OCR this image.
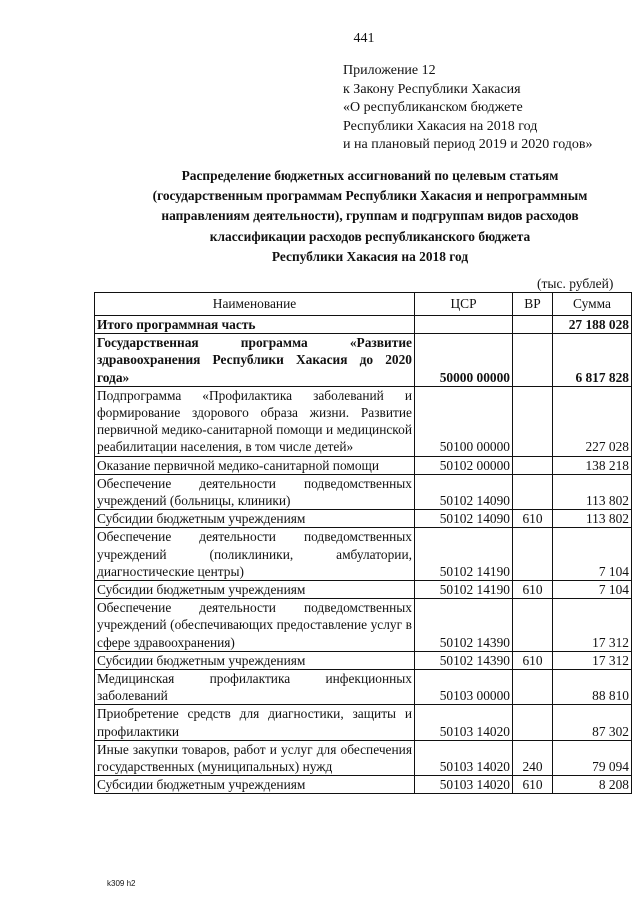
441
Приложение 12
к Закону Республики Хакасия
«О республиканском бюджете
Республики Хакасия на 2018 год
и на плановый период 2019 и 2020 годов»
Распределение бюджетных ассигнований по целевым статьям
(государственным программам Республики Хакасия и непрограммным
направлениям деятельности), группам и подгруппам видов расходов
классификации расходов республиканского бюджета
Республики Хакасия на 2018 год
(тыс. рублей)
Наименование	ЦСР	ВР	Сумма
Итого программная часть			27 188 028
Государственная программа «Развитие здравоохранения Республики Хакасия до 2020 года»	50000 00000		6 817 828
Подпрограмма «Профилактика заболеваний и формирование здорового образа жизни. Развитие первичной медико-санитарной помощи и медицинской реабилитации населения, в том числе детей»	50100 00000		227 028
Оказание первичной медико-санитарной помощи	50102 00000		138 218
Обеспечение деятельности подведомственных учреждений (больницы, клиники)	50102 14090		113 802
Субсидии бюджетным учреждениям	50102 14090	610	113 802
Обеспечение деятельности подведомственных учреждений (поликлиники, амбулатории, диагностические центры)	50102 14190		7 104
Субсидии бюджетным учреждениям	50102 14190	610	7 104
Обеспечение деятельности подведомственных учреждений (обеспечивающих предоставление услуг в сфере здравоохранения)	50102 14390		17 312
Субсидии бюджетным учреждениям	50102 14390	610	17 312
Медицинская профилактика инфекционных заболеваний	50103 00000		88 810
Приобретение средств для диагностики, защиты и профилактики	50103 14020		87 302
Иные закупки товаров, работ и услуг для обеспечения государственных (муниципальных) нужд	50103 14020	240	79 094
Субсидии бюджетным учреждениям	50103 14020	610	8 208
k309 h2
